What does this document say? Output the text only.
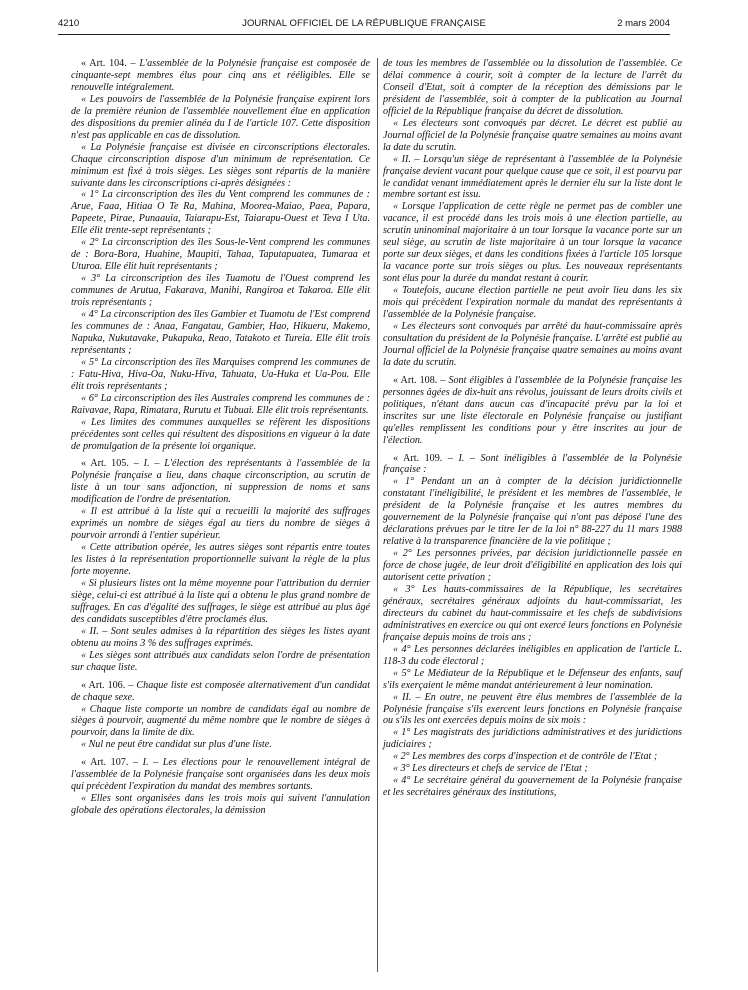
4210	JOURNAL OFFICIEL DE LA RÉPUBLIQUE FRANÇAISE	2 mars 2004

« Art. 104. – L'assemblée de la Polynésie française est composée de cinquante-sept membres élus pour cinq ans et rééligibles. Elle se renouvelle intégralement.

« Les pouvoirs de l'assemblée de la Polynésie française expirent lors de la première réunion de l'assemblée nouvellement élue en application des dispositions du premier alinéa du I de l'article 107. Cette disposition n'est pas applicable en cas de dissolution.

« La Polynésie française est divisée en circonscriptions électorales. Chaque circonscription dispose d'un minimum de représentation. Ce minimum est fixé à trois sièges. Les sièges sont répartis de la manière suivante dans les circonscriptions ci-après désignées :

« 1° La circonscription des îles du Vent comprend les communes de : Arue, Faaa, Hitiaa O Te Ra, Mahina, Moorea-Maiao, Paea, Papara, Papeete, Pirae, Punaauia, Taiarapu-Est, Taiarapu-Ouest et Teva I Uta. Elle élit trente-sept représentants ;

« 2° La circonscription des îles Sous-le-Vent comprend les communes de : Bora-Bora, Huahine, Maupiti, Tahaa, Taputapuatea, Tumaraa et Uturoa. Elle élit huit représentants ;

« 3° La circonscription des îles Tuamotu de l'Ouest comprend les communes de Arutua, Fakarava, Manihi, Rangiroa et Takaroa. Elle élit trois représentants ;

« 4° La circonscription des îles Gambier et Tuamotu de l'Est comprend les communes de : Anaa, Fangatau, Gambier, Hao, Hikueru, Makemo, Napuka, Nukutavake, Pukapuka, Reao, Tatakoto et Tureia. Elle élit trois représentants ;

« 5° La circonscription des îles Marquises comprend les communes de : Fatu-Hiva, Hiva-Oa, Nuku-Hiva, Tahuata, Ua-Huka et Ua-Pou. Elle élit trois représentants ;

« 6° La circonscription des îles Australes comprend les communes de : Raivavae, Rapa, Rimatara, Rurutu et Tubuai. Elle élit trois représentants.

« Les limites des communes auxquelles se réfèrent les dispositions précédentes sont celles qui résultent des dispositions en vigueur à la date de promulgation de la présente loi organique.

« Art. 105. – I. – L'élection des représentants à l'assemblée de la Polynésie française a lieu, dans chaque circonscription, au scrutin de liste à un tour sans adjonction, ni suppression de noms et sans modification de l'ordre de présentation.

« Il est attribué à la liste qui a recueilli la majorité des suffrages exprimés un nombre de sièges égal au tiers du nombre de sièges à pourvoir arrondi à l'entier supérieur.

« Cette attribution opérée, les autres sièges sont répartis entre toutes les listes à la représentation proportionnelle suivant la règle de la plus forte moyenne.

« Si plusieurs listes ont la même moyenne pour l'attribution du dernier siège, celui-ci est attribué à la liste qui a obtenu le plus grand nombre de suffrages. En cas d'égalité des suffrages, le siège est attribué au plus âgé des candidats susceptibles d'être proclamés élus.

« II. – Sont seules admises à la répartition des sièges les listes ayant obtenu au moins 3 % des suffrages exprimés.

« Les sièges sont attribués aux candidats selon l'ordre de présentation sur chaque liste.

« Art. 106. – Chaque liste est composée alternativement d'un candidat de chaque sexe.

« Chaque liste comporte un nombre de candidats égal au nombre de sièges à pourvoir, augmenté du même nombre que le nombre de sièges à pourvoir, dans la limite de dix.

« Nul ne peut être candidat sur plus d'une liste.

« Art. 107. – I. – Les élections pour le renouvellement intégral de l'assemblée de la Polynésie française sont organisées dans les deux mois qui précèdent l'expiration du mandat des membres sortants.

« Elles sont organisées dans les trois mois qui suivent l'annulation globale des opérations électorales, la démission

de tous les membres de l'assemblée ou la dissolution de l'assemblée. Ce délai commence à courir, soit à compter de la lecture de l'arrêt du Conseil d'Etat, soit à compter de la réception des démissions par le président de l'assemblée, soit à compter de la publication au Journal officiel de la République française du décret de dissolution.

« Les électeurs sont convoqués par décret. Le décret est publié au Journal officiel de la Polynésie française quatre semaines au moins avant la date du scrutin.

« II. – Lorsqu'un siège de représentant à l'assemblée de la Polynésie française devient vacant pour quelque cause que ce soit, il est pourvu par le candidat venant immédiatement après le dernier élu sur la liste dont le membre sortant est issu.

« Lorsque l'application de cette règle ne permet pas de combler une vacance, il est procédé dans les trois mois à une élection partielle, au scrutin uninominal majoritaire à un tour lorsque la vacance porte sur un seul siège, au scrutin de liste majoritaire à un tour lorsque la vacance porte sur deux sièges, et dans les conditions fixées à l'article 105 lorsque la vacance porte sur trois sièges ou plus. Les nouveaux représentants sont élus pour la durée du mandat restant à courir.

« Toutefois, aucune élection partielle ne peut avoir lieu dans les six mois qui précèdent l'expiration normale du mandat des représentants à l'assemblée de la Polynésie française.

« Les électeurs sont convoqués par arrêté du haut-commissaire après consultation du président de la Polynésie française. L'arrêté est publié au Journal officiel de la Polynésie française quatre semaines au moins avant la date du scrutin.

« Art. 108. – Sont éligibles à l'assemblée de la Polynésie française les personnes âgées de dix-huit ans révolus, jouissant de leurs droits civils et politiques, n'étant dans aucun cas d'incapacité prévu par la loi et inscrites sur une liste électorale en Polynésie française ou justifiant qu'elles remplissent les conditions pour y être inscrites au jour de l'élection.

« Art. 109. – I. – Sont inéligibles à l'assemblée de la Polynésie française :

« 1° Pendant un an à compter de la décision juridictionnelle constatant l'inéligibilité, le président et les membres de l'assemblée, le président de la Polynésie française et les autres membres du gouvernement de la Polynésie française qui n'ont pas déposé l'une des déclarations prévues par le titre Ier de la loi n° 88-227 du 11 mars 1988 relative à la transparence financière de la vie politique ;

« 2° Les personnes privées, par décision juridictionnelle passée en force de chose jugée, de leur droit d'éligibilité en application des lois qui autorisent cette privation ;

« 3° Les hauts-commissaires de la République, les secrétaires généraux, secrétaires généraux adjoints du haut-commissariat, les directeurs du cabinet du haut-commissaire et les chefs de subdivisions administratives en exercice ou qui ont exercé leurs fonctions en Polynésie française depuis moins de trois ans ;

« 4° Les personnes déclarées inéligibles en application de l'article L. 118-3 du code électoral ;

« 5° Le Médiateur de la République et le Défenseur des enfants, sauf s'ils exerçaient le même mandat antérieurement à leur nomination.

« II. – En outre, ne peuvent être élus membres de l'assemblée de la Polynésie française s'ils exercent leurs fonctions en Polynésie française ou s'ils les ont exercées depuis moins de six mois :

« 1° Les magistrats des juridictions administratives et des juridictions judiciaires ;

« 2° Les membres des corps d'inspection et de contrôle de l'Etat ;

« 3° Les directeurs et chefs de service de l'Etat ;

« 4° Le secrétaire général du gouvernement de la Polynésie française et les secrétaires généraux des institutions,
